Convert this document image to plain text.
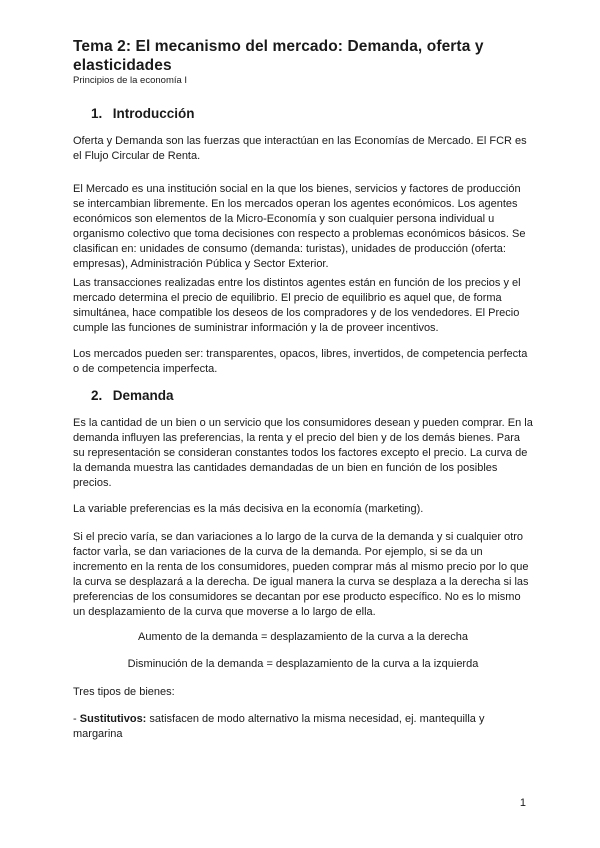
Tema 2: El mecanismo del mercado: Demanda, oferta y elasticidades
Principios de la economía I
1. Introducción
Oferta y Demanda son las fuerzas que interactúan en las Economías de Mercado. El FCR es el Flujo Circular de Renta.
El Mercado es una institución social en la que los bienes, servicios y factores de producción se intercambian libremente. En los mercados operan los agentes económicos. Los agentes económicos son elementos de la Micro-Economía y son cualquier persona individual u organismo colectivo que toma decisiones con respecto a problemas económicos básicos. Se clasifican en: unidades de consumo (demanda: turistas), unidades de producción (oferta: empresas), Administración Pública y Sector Exterior.
Las transacciones realizadas entre los distintos agentes están en función de los precios y el mercado determina el precio de equilibrio. El precio de equilibrio es aquel que, de forma simultánea, hace compatible los deseos de los compradores y de los vendedores. El Precio cumple las funciones de suministrar información y la de proveer incentivos.
Los mercados pueden ser: transparentes, opacos, libres, invertidos, de competencia perfecta o de competencia imperfecta.
2. Demanda
Es la cantidad de un bien o un servicio que los consumidores desean y pueden comprar. En la demanda influyen las preferencias, la renta y el precio del bien y de los demás bienes. Para su representación se consideran constantes todos los factores excepto el precio. La curva de la demanda muestra las cantidades demandadas de un bien en función de los posibles precios.
La variable preferencias es la más decisiva en la economía (marketing).
Si el precio varía, se dan variaciones a lo largo de la curva de la demanda y si cualquier otro factor varÌa, se dan variaciones de la curva de la demanda. Por ejemplo, si se da un incremento en la renta de los consumidores, pueden comprar más al mismo precio por lo que la curva se desplazará a la derecha. De igual manera la curva se desplaza a la derecha si las preferencias de los consumidores se decantan por ese producto específico. No es lo mismo un desplazamiento de la curva que moverse a lo largo de ella.
Aumento de la demanda = desplazamiento de la curva a la derecha
Disminución de la demanda = desplazamiento de la curva a la izquierda
Tres tipos de bienes:
- Sustitutivos: satisfacen de modo alternativo la misma necesidad, ej. mantequilla y margarina
1
